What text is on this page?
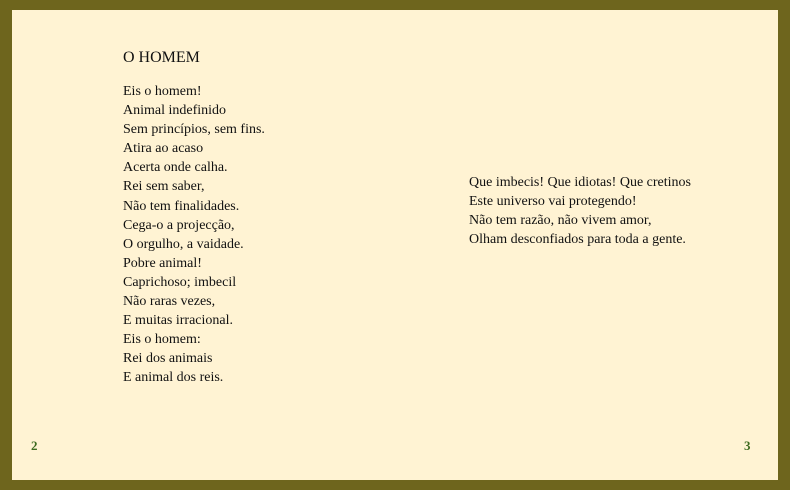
O HOMEM
Eis o homem!
Animal indefinido
Sem princípios, sem fins.
Atira ao acaso
Acerta onde calha.
Rei sem saber,
Não tem finalidades.
Cega-o a projecção,
O orgulho, a vaidade.
Pobre animal!
Caprichoso; imbecil
Não raras vezes,
E muitas irracional.
Eis o homem:
Rei dos animais
E animal dos reis.
Que imbecis! Que idiotas! Que cretinos
Este universo vai protegendo!
Não tem razão, não vivem amor,
Olham desconfiados para toda a gente.
2	3
